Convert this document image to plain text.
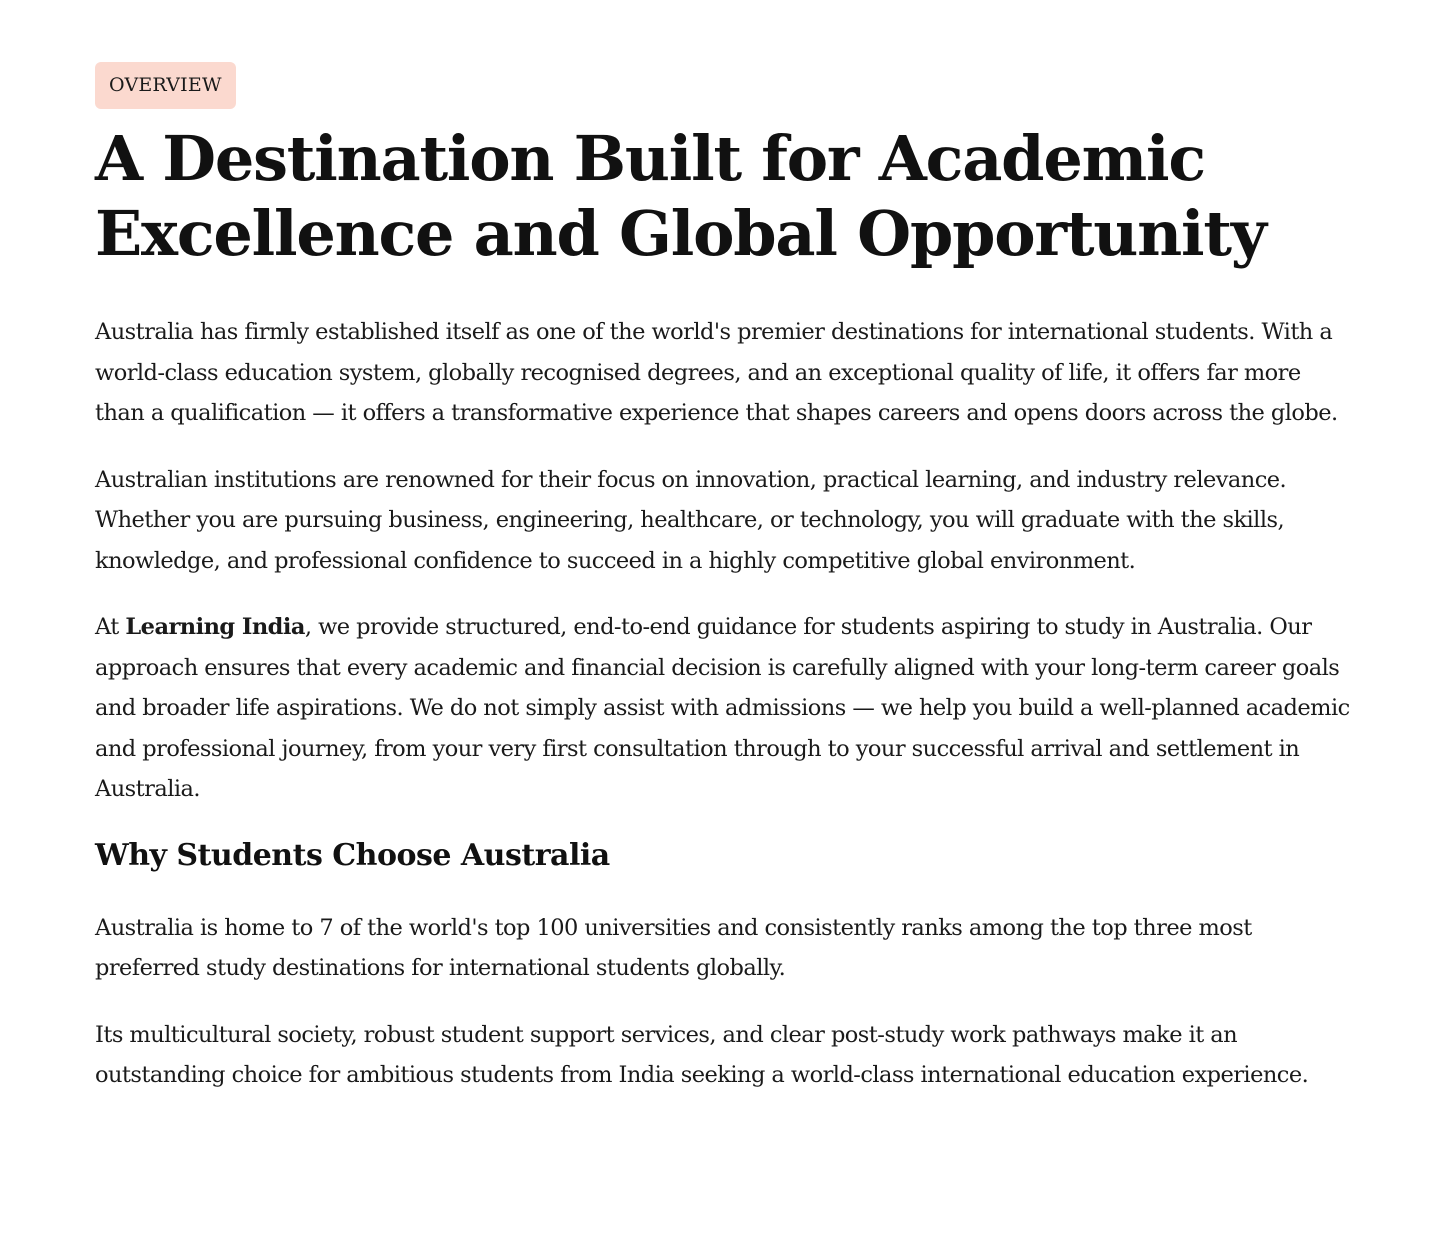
OVERVIEW
A Destination Built for Academic
Excellence and Global Opportunity

Australia has firmly established itself as one of the world's premier destinations for international students. With a world-class education system, globally recognised degrees, and an exceptional quality of life, it offers far more than a qualification — it offers a transformative experience that shapes careers and opens doors across the globe.

Australian institutions are renowned for their focus on innovation, practical learning, and industry relevance. Whether you are pursuing business, engineering, healthcare, or technology, you will graduate with the skills, knowledge, and professional confidence to succeed in a highly competitive global environment.

At Learning India, we provide structured, end-to-end guidance for students aspiring to study in Australia. Our approach ensures that every academic and financial decision is carefully aligned with your long-term career goals and broader life aspirations. We do not simply assist with admissions — we help you build a well-planned academic and professional journey, from your very first consultation through to your successful arrival and settlement in Australia.

Why Students Choose Australia

Australia is home to 7 of the world's top 100 universities and consistently ranks among the top three most preferred study destinations for international students globally.

Its multicultural society, robust student support services, and clear post-study work pathways make it an outstanding choice for ambitious students from India seeking a world-class international education experience.
